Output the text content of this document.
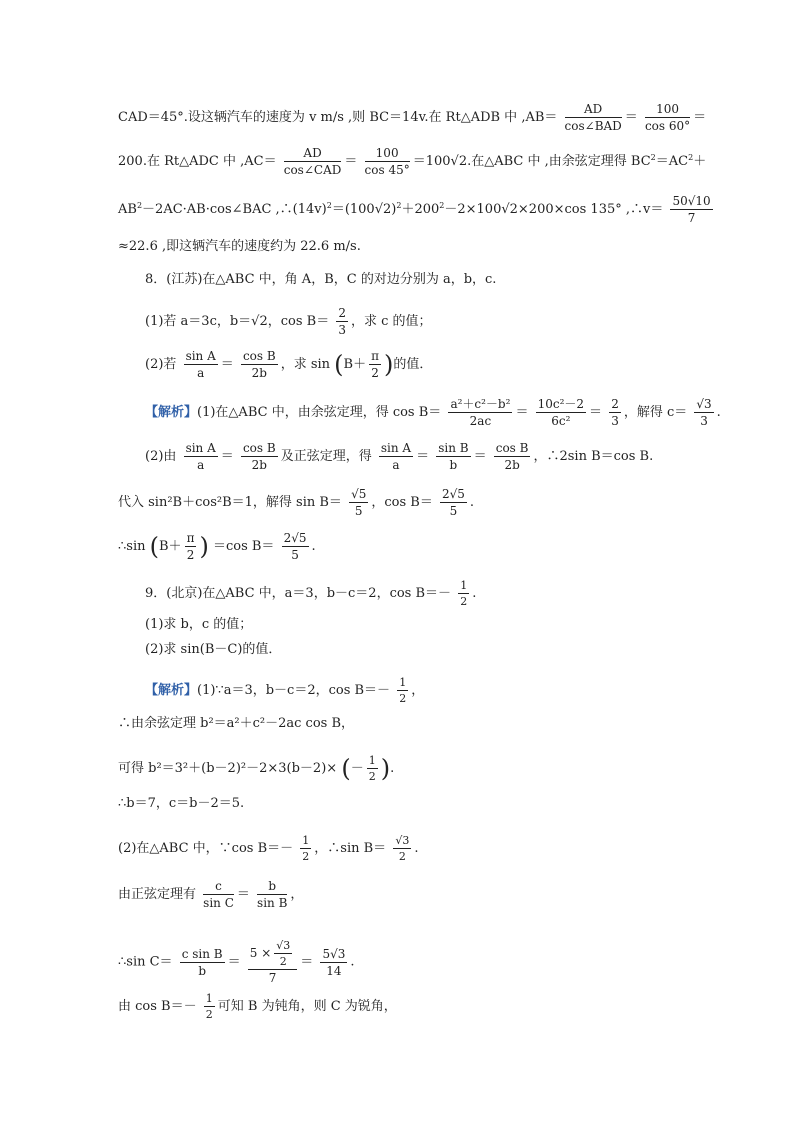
CAD＝45°.设这辆汽车的速度为 v m/s ,则 BC＝14v.在 Rt△ADB 中 $,AB= \frac{AD}{\text{cos∠BAD}} = \frac{100}{\cos 60^\circ}$ ＝
200.在 Rt△ADC 中 $,AC= \frac{AD}{\text{cos∠CAD}} = \frac{100}{\cos 45^\circ} =100√2$.在△ABC 中 ,由余弦定理得 $BC^2=AC^2+$
$AB^2-2AC\cdot AB\cdot\cos\angle BAC$ $,\therefore(14v)^2=(100√2)^2+200^2-2\times 100√2\times 200\times\cos$ 135° ,∴v＝ $\frac{50√10}{7}$
≈22.6 ,即这辆汽车的速度约为 22.6 m/s.
8．(江苏)在△ABC 中，角 A，B，C 的对边分别为 a，b，c.
(1)若 a＝3c，b＝√2，$\cos B= \frac{2}{3}$ ，求 c 的值；
(2)若 $\frac{\text{sin A}}{a} = \frac{\text{cos B}}{2b}$ ，求 $\sin (B+ \frac{\pi}{2}$ )的值．
【解析】(1)在△ABC 中，由余弦定理，得 $\cos B= \frac{\text{a²＋c²－b²}}{2ac} = \frac{\text{10c²－2}}{\text{6c²}} = \frac{2}{3}$ ，解得 $c= \frac{√3}{3}$ .
(2)由 $\frac{\text{sin A}}{a} = \frac{\text{cos B}}{2b}$ 及正弦定理，得 $\frac{\text{sin A}}{a} = \frac{\text{sin B}}{b} = \frac{\text{cos B}}{2b}$ ，∴2sin B＝cos B.
代入 sin²B＋cos²B＝1，解得 $\sin B= \frac{√5}{5}$ ，$\cos B= \frac{2√5}{5}$ .
∴sin ($B+ \frac{\pi}{2}$ ) ＝cos $B= \frac{2√5}{5}$ .
9．(北京)在△ABC 中，a＝3，b－c＝2，$\cos B=- \frac{1}{2}$ .
(1)求 b，c 的值；
(2)求 sin(B－C)的值．
【解析】(1)∵a＝3，b－c＝2，$\cos B=- \frac{1}{2}$ ，
∴由余弦定理 b²＝a²＋c²－2ac cos B，
可得 b²＝3²＋(b－2)²－2×3(b－2)× (－ $\frac{1}{2}$ ).
∴b＝7，c＝b－2＝5.
(2)在△ABC 中，∵cos $B=- \frac{1}{2}$ ，∴sin $B= \frac{√3}{2}$ .
由正弦定理有 $\frac{c}{\text{sin C}} = \frac{b}{\text{sin B}}$ ，
∴sin $C= \frac{\text{c sin B}}{b} = \frac{5 \times \frac{√3}{2}}{7} = \frac{5√3}{14}$ .
由 $\cos B=- \frac{1}{2}$ 可知 B 为钝角，则 C 为锐角，
